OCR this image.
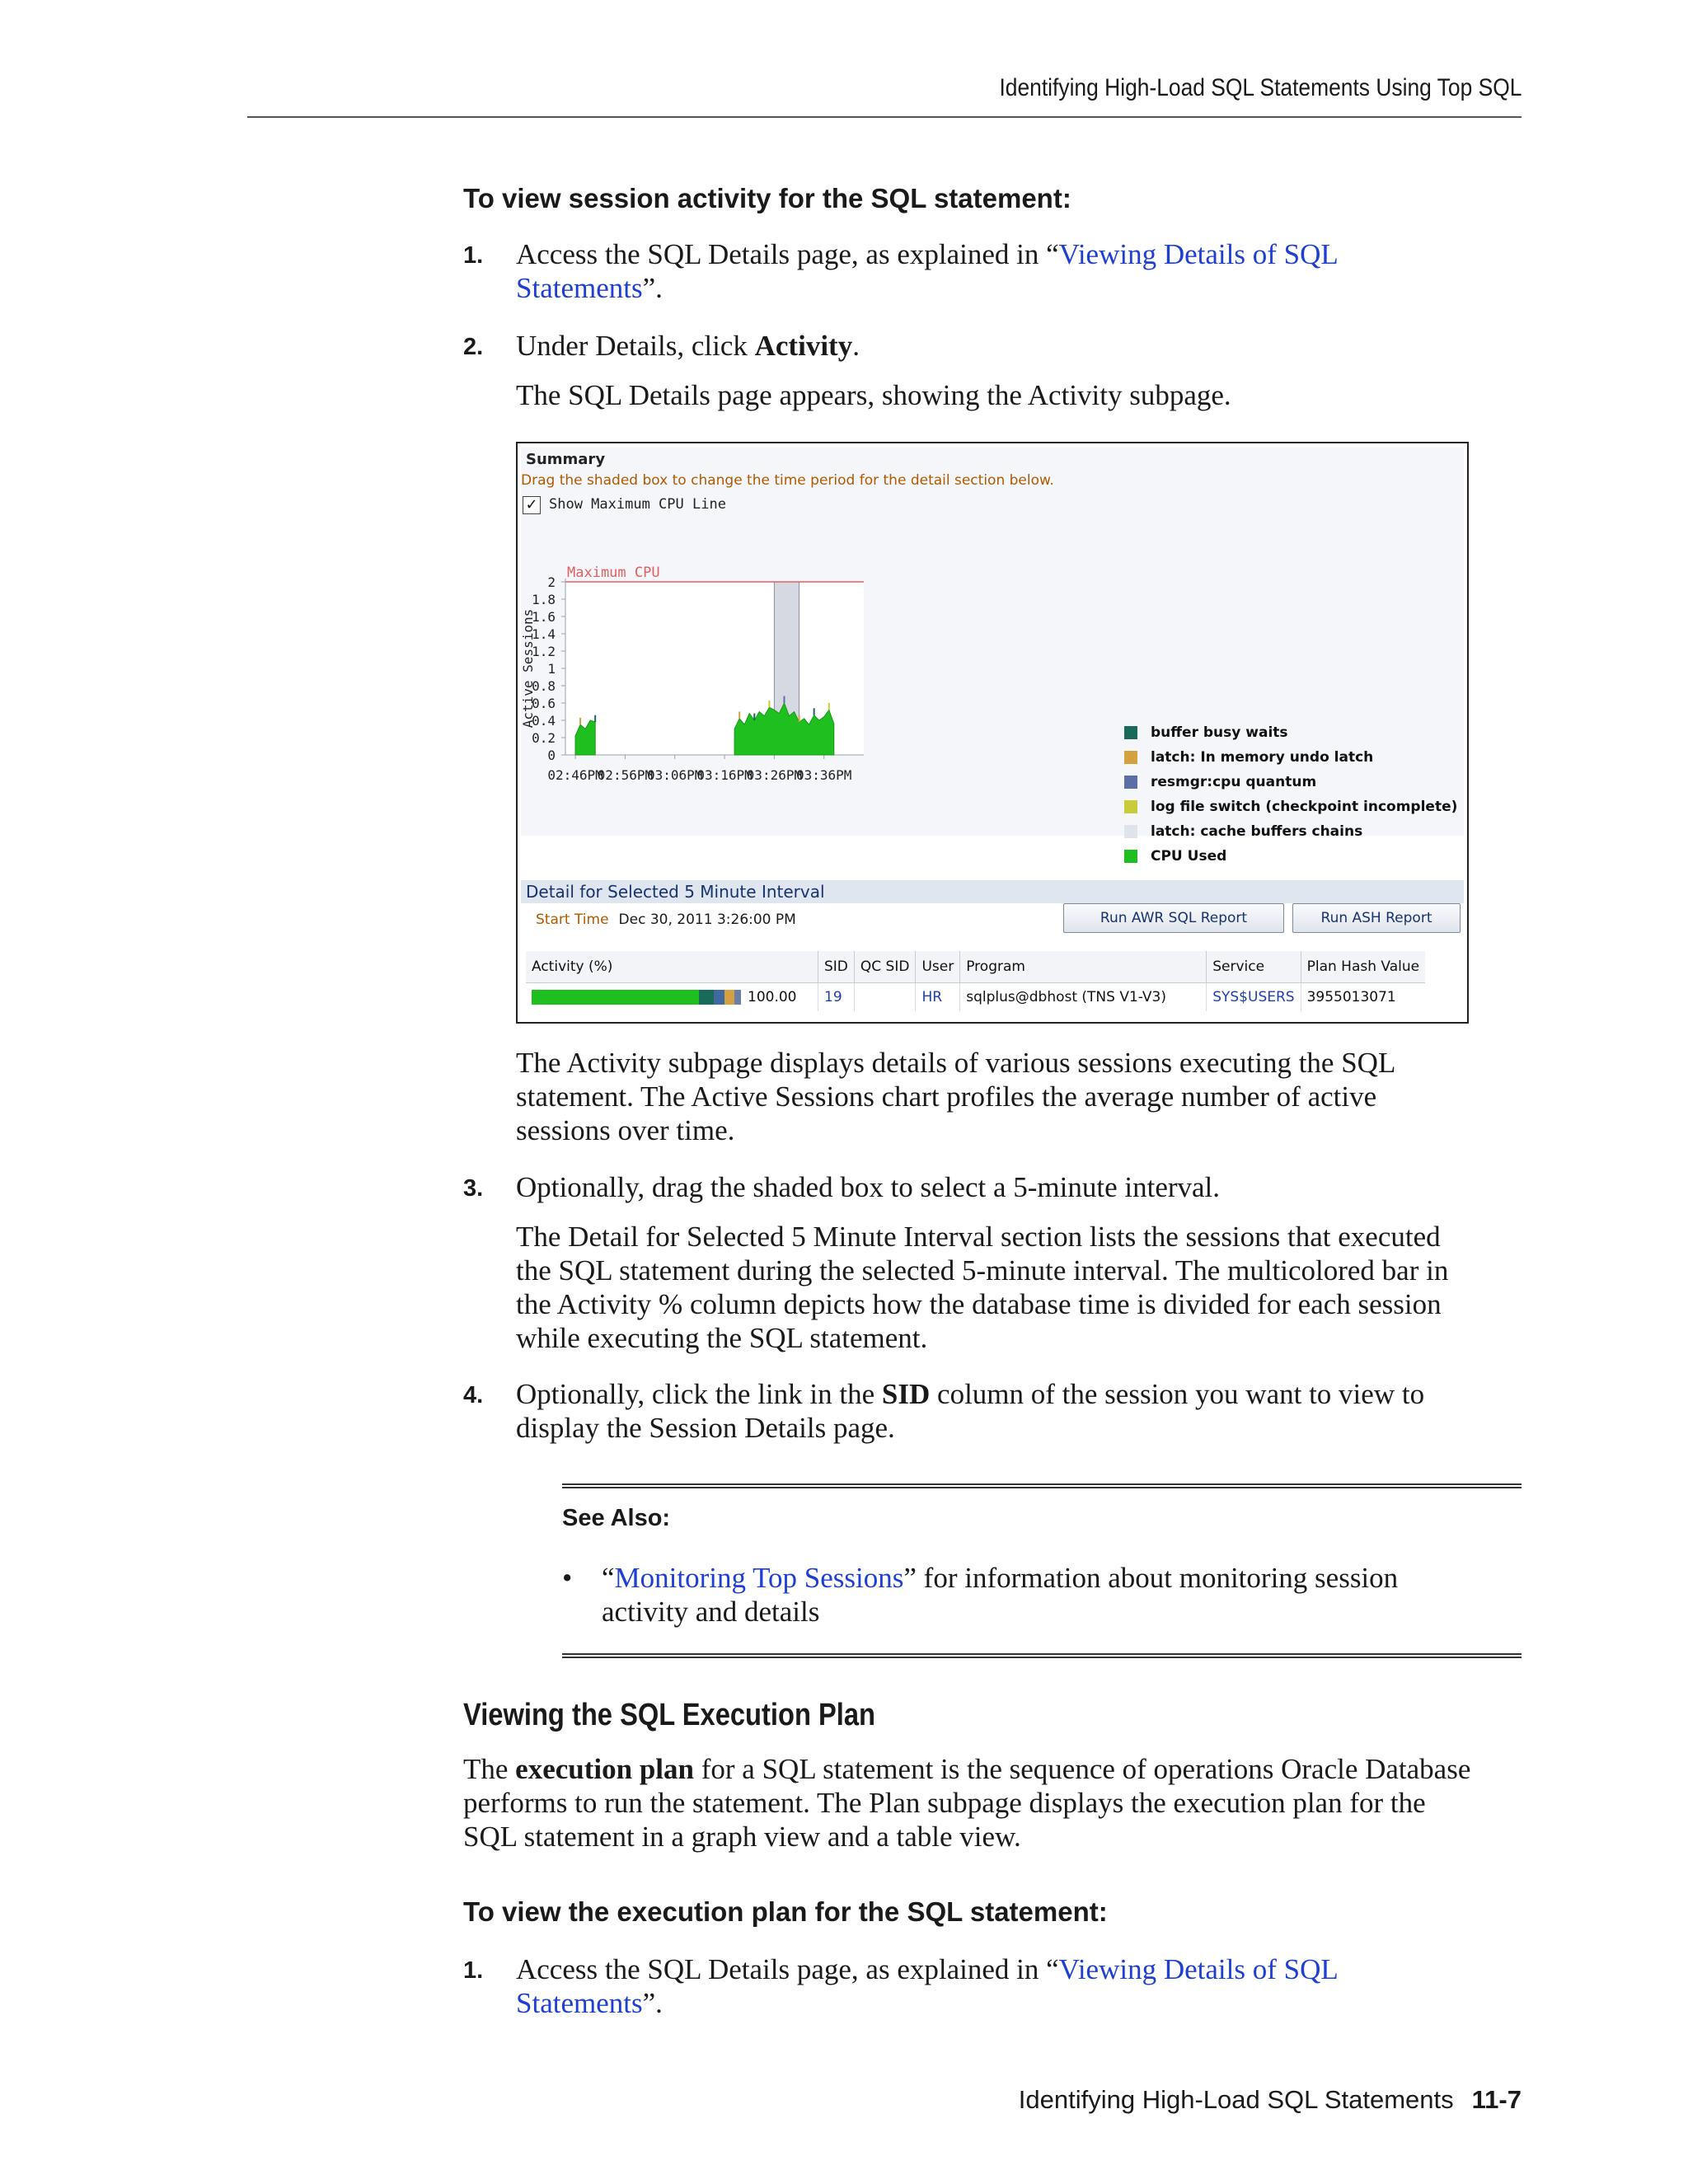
Identifying High-Load SQL Statements Using Top SQL
To view session activity for the SQL statement:
1. Access the SQL Details page, as explained in “Viewing Details of SQL
Statements”.
2. Under Details, click Activity.
The SQL Details page appears, showing the Activity subpage.
Summary
Drag the shaded box to change the time period for the detail section below.
✓ Show Maximum CPU Line
Maximum CPU
2
1.8
1.6
1.4
1.2
1
0.8
0.6
0.4
0.2
0
02:46PM
02:56PM
03:06PM
03:16PM
03:26PM
03:36PM
Active Sessions
buffer busy waits
latch: In memory undo latch
resmgr:cpu quantum
log file switch (checkpoint incomplete)
latch: cache buffers chains
CPU Used
Detail for Selected 5 Minute Interval
Start Time Dec 30, 2011 3:26:00 PM	Run AWR SQL Report	Run ASH Report
Activity (%)	SID	QC SID	User	Program	Service	Plan Hash Value

100.00	19		HR	sqlplus@dbhost (TNS V1-V3)	SYS$USERS	3955013071
The Activity subpage displays details of various sessions executing the SQL
statement. The Active Sessions chart profiles the average number of active
sessions over time.
3. Optionally, drag the shaded box to select a 5-minute interval.
The Detail for Selected 5 Minute Interval section lists the sessions that executed
the SQL statement during the selected 5-minute interval. The multicolored bar in
the Activity % column depicts how the database time is divided for each session
while executing the SQL statement.
4. Optionally, click the link in the SID column of the session you want to view to
display the Session Details page.
See Also:
• “Monitoring Top Sessions” for information about monitoring session
activity and details
Viewing the SQL Execution Plan
The execution plan for a SQL statement is the sequence of operations Oracle Database
performs to run the statement. The Plan subpage displays the execution plan for the
SQL statement in a graph view and a table view.
To view the execution plan for the SQL statement:
1. Access the SQL Details page, as explained in “Viewing Details of SQL
Statements”.
Identifying High-Load SQL Statements 11-7
